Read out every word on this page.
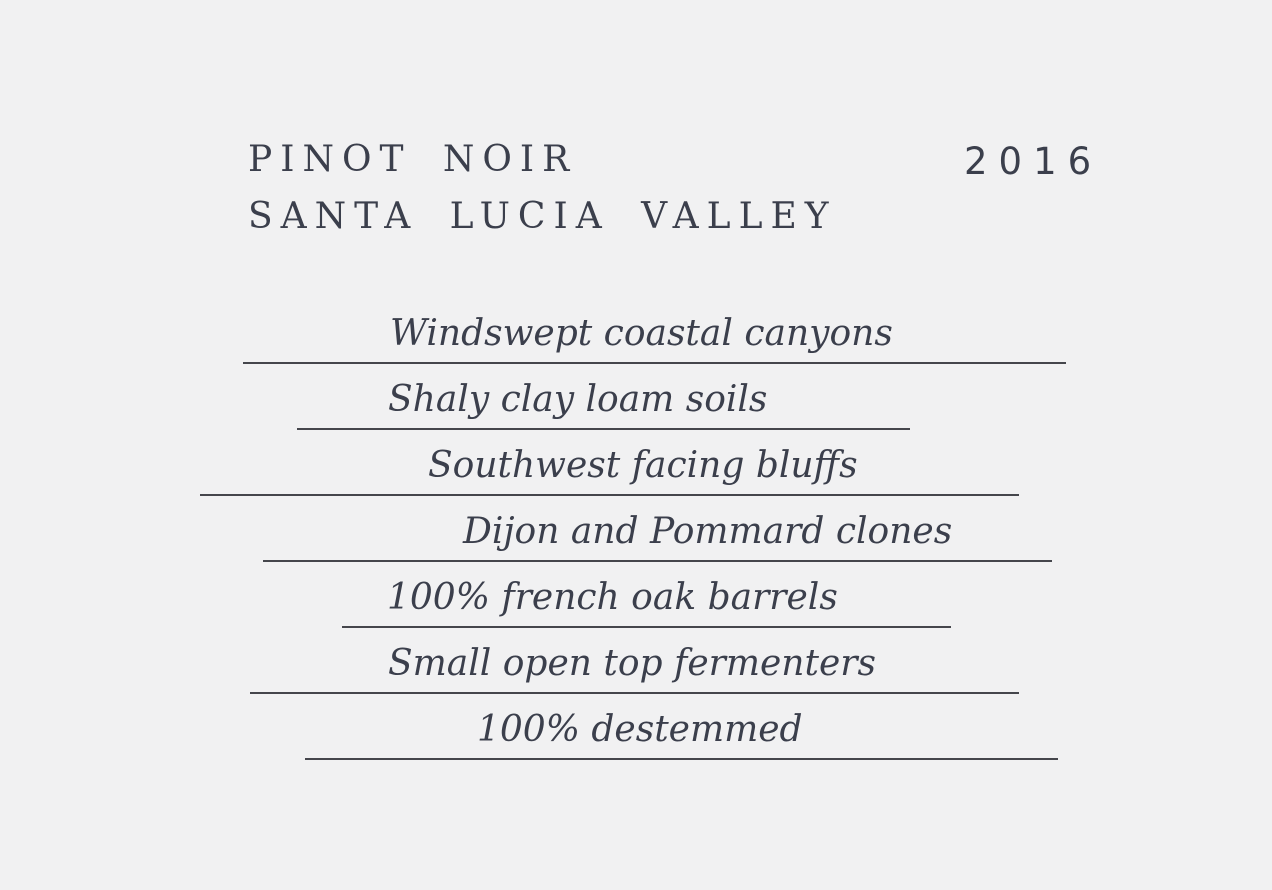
PINOT NOIR
SANTA LUCIA VALLEY
2016
Windswept coastal canyons
Shaly clay loam soils
Southwest facing bluffs
Dijon and Pommard clones
100% french oak barrels
Small open top fermenters
100% destemmed
